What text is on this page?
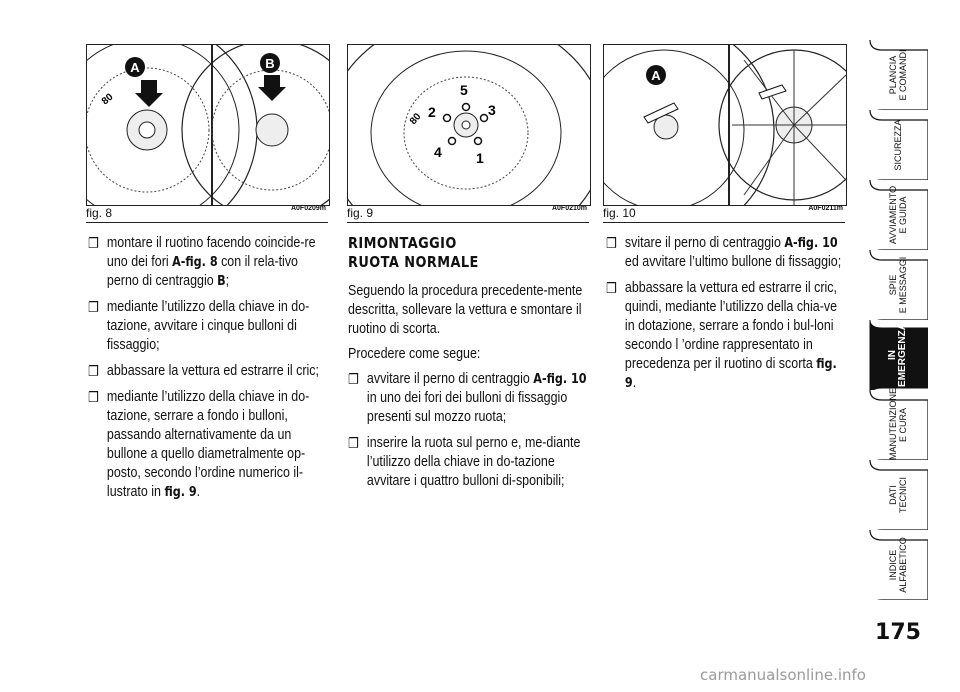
A	B
80
fig. 8	A0F0209m
5
2	3
4 1
80
fig. 9	A0F0210m
A
fig. 10	A0F0211m
❒ montare il ruotino facendo coincide-re uno dei fori A-fig. 8 con il rela-tivo perno di centraggio B;
❒ mediante l’utilizzo della chiave in do-tazione, avvitare i cinque bulloni di fissaggio;
❒ abbassare la vettura ed estrarre il cric;
❒ mediante l’utilizzo della chiave in do-tazione, serrare a fondo i bulloni, passando alternativamente da un bullone a quello diametralmente op-posto, secondo l’ordine numerico il-lustrato in fig. 9.
RIMONTAGGIO
RUOTA NORMALE

Seguendo la procedura precedente-mente descritta, sollevare la vettura e smontare il ruotino di scorta.

Procedere come segue:

❒ avvitare il perno di centraggio A-fig. 10 in uno dei fori dei bulloni di fissaggio presenti sul mozzo ruota;
❒ inserire la ruota sul perno e, me-diante l’utilizzo della chiave in do-tazione avvitare i quattro bulloni di-sponibili;
❒ svitare il perno di centraggio A-fig. 10 ed avvitare l’ultimo bullone di fissaggio;
❒ abbassare la vettura ed estrarre il cric, quindi, mediante l’utilizzo della chia-ve in dotazione, serrare a fondo i bul-loni secondo l ’ordine rappresentato in precedenza per il ruotino di scorta fig. 9.
PLANCIA E COMANDI
SICUREZZA
AVVIAMENTO E GUIDA
SPIE E MESSAGGI
IN EMERGENZA
MANUTENZIONE E CURA
DATI TECNICI
INDICE ALFABETICO
175
carmanualsonline.info
